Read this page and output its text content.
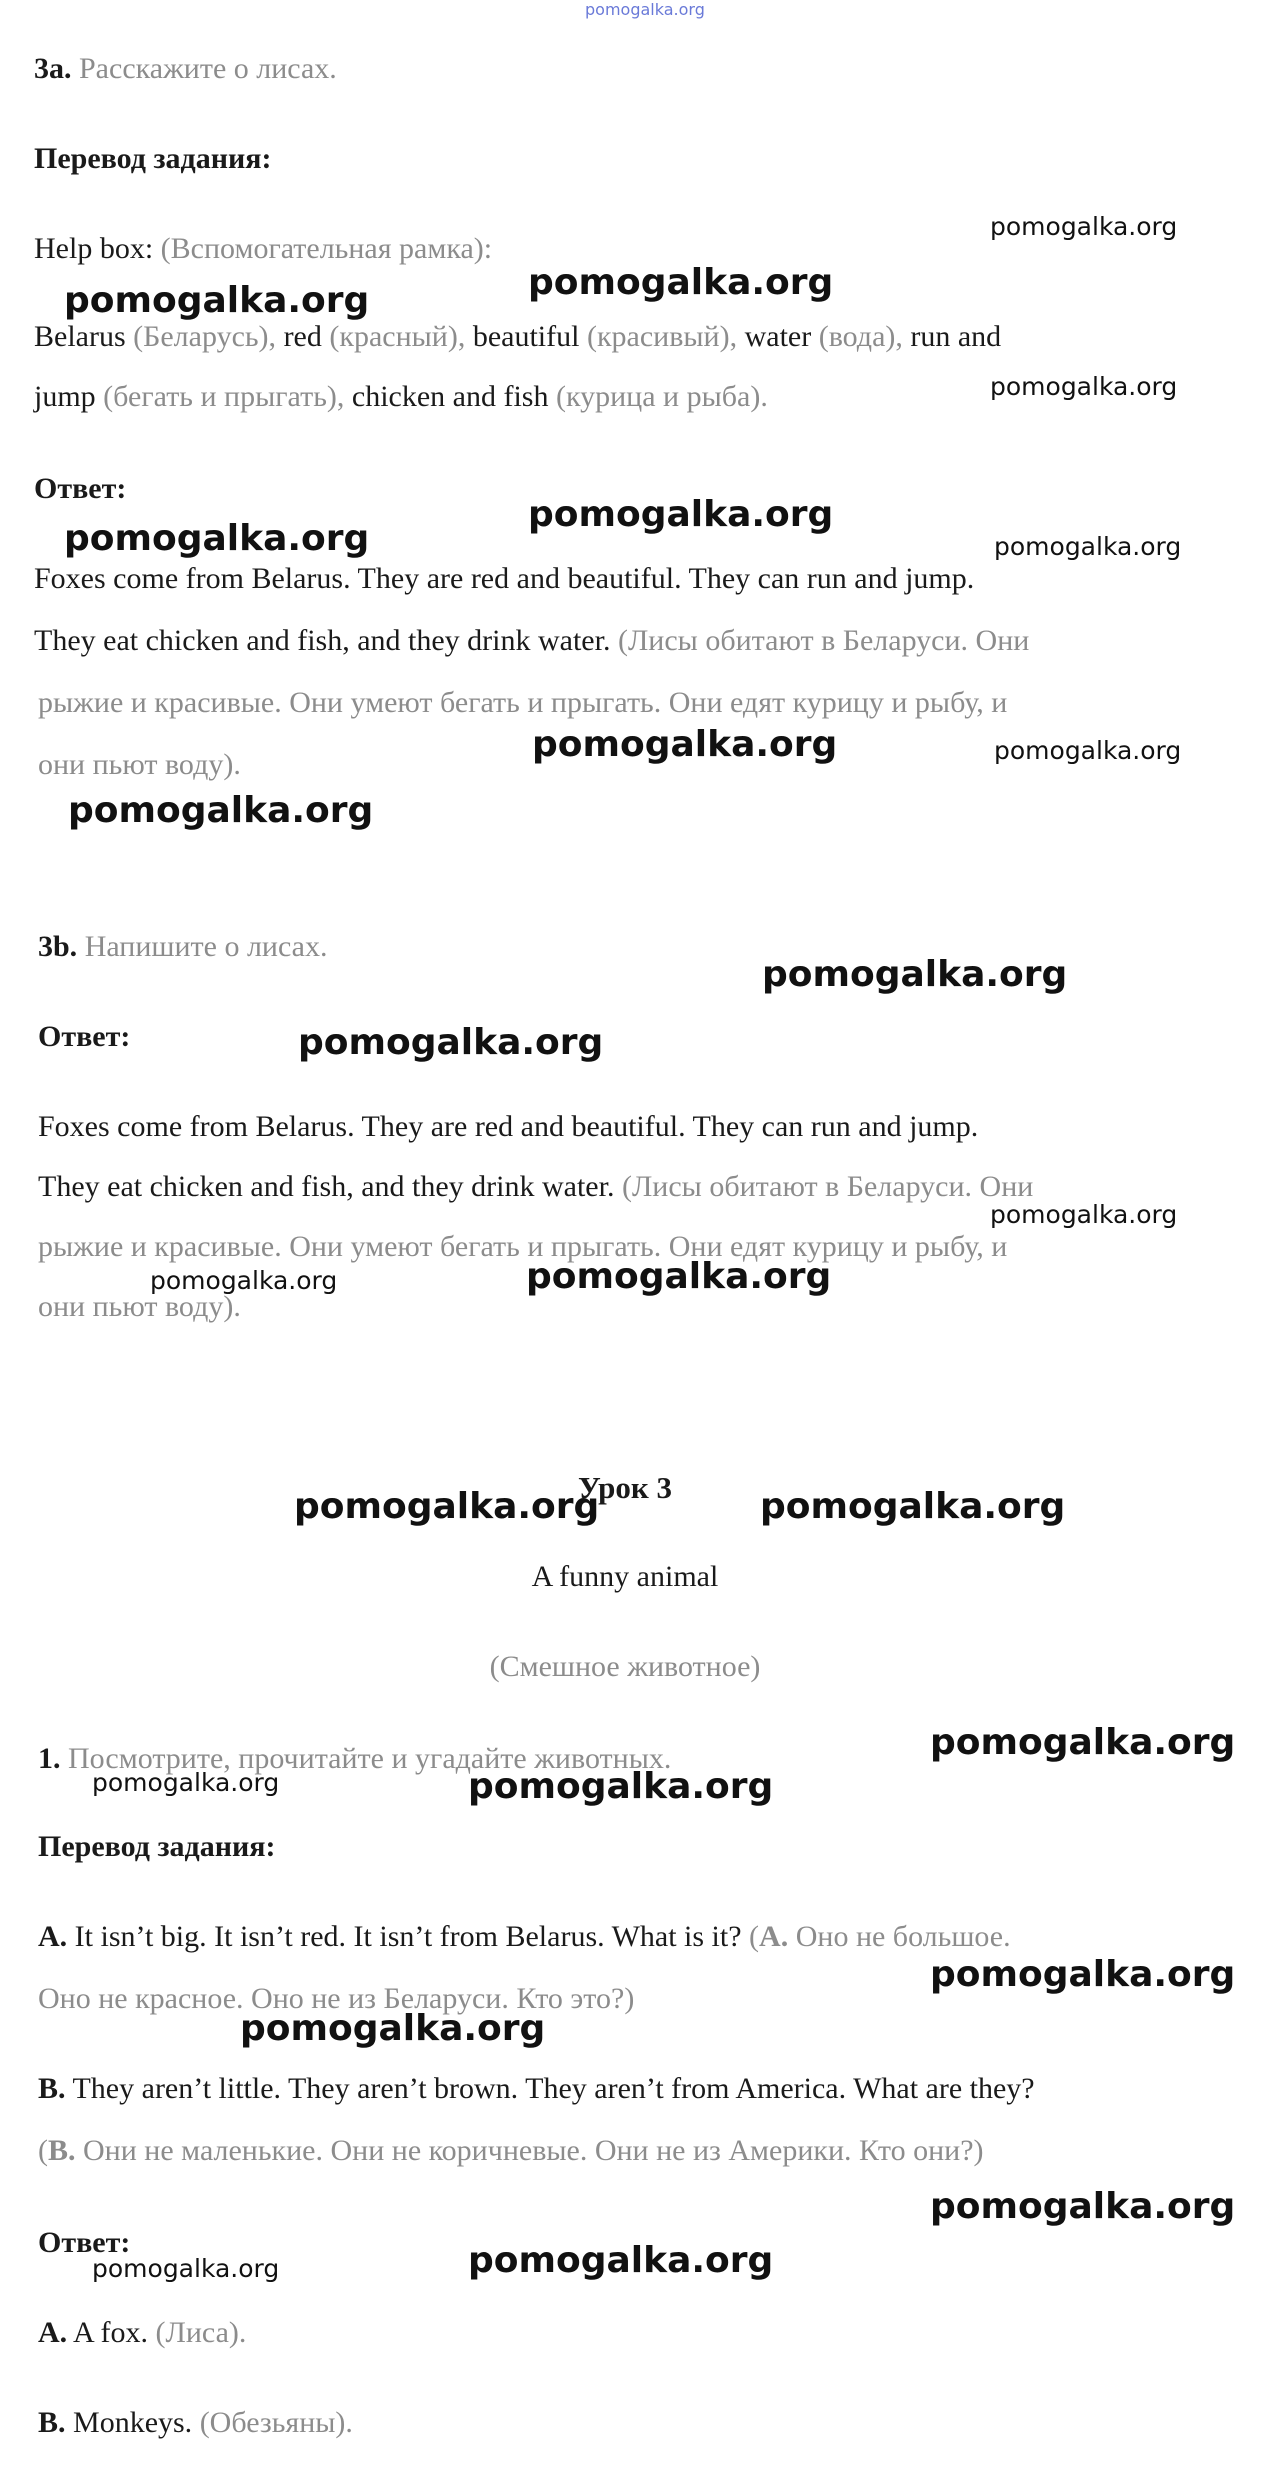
pomogalka.org
3a. Расскажите о лисах.
Перевод задания:
Help box: (Вспомогательная рамка):
Belarus (Беларусь), red (красный), beautiful (красивый), water (вода), run and
jump (бегать и прыгать), chicken and fish (курица и рыба).
Ответ:
Foxes come from Belarus. They are red and beautiful. They can run and jump.
They eat chicken and fish, and they drink water. (Лисы обитают в Беларуси. Они
рыжие и красивые. Они умеют бегать и прыгать. Они едят курицу и рыбу, и
они пьют воду).
3b. Напишите о лисах.
Ответ:
Foxes come from Belarus. They are red and beautiful. They can run and jump.
They eat chicken and fish, and they drink water. (Лисы обитают в Беларуси. Они
рыжие и красивые. Они умеют бегать и прыгать. Они едят курицу и рыбу, и
они пьют воду).
Урок 3
A funny animal
(Смешное животное)
1. Посмотрите, прочитайте и угадайте животных.
Перевод задания:
A. It isn’t big. It isn’t red. It isn’t from Belarus. What is it? (A. Оно не большое.
Оно не красное. Оно не из Беларуси. Кто это?)
B. They aren’t little. They aren’t brown. They aren’t from America. What are they?
(B. Они не маленькие. Они не коричневые. Они не из Америки. Кто они?)
Ответ:
A. A fox. (Лиса).
B. Monkeys. (Обезьяны).
pomogalka.org
pomogalka.org
pomogalka.org
pomogalka.org
pomogalka.org
pomogalka.org	pomogalka.org
pomogalka.org	pomogalka.org
pomogalka.org
pomogalka.org
pomogalka.org
pomogalka.org
pomogalka.org	pomogalka.org
pomogalka.org	pomogalka.org
pomogalka.org
pomogalka.org	pomogalka.org
pomogalka.org
pomogalka.org
pomogalka.org
pomogalka.org	pomogalka.org
